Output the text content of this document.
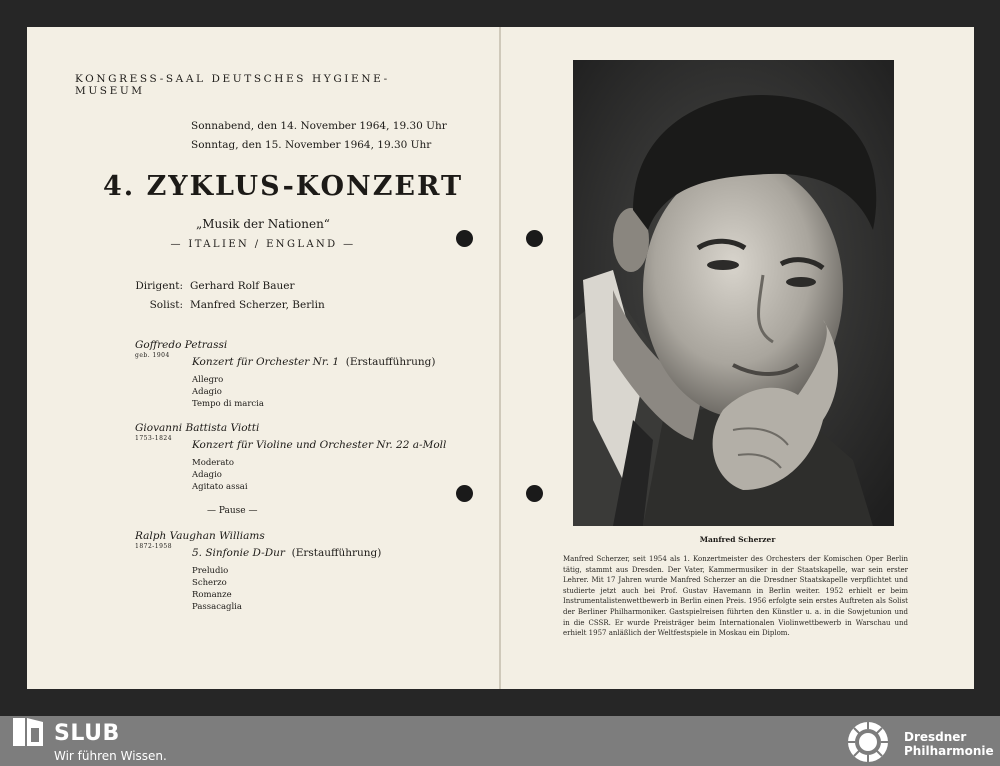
KONGRESS-SAAL DEUTSCHES HYGIENE-MUSEUM
Sonnabend, den 14. November 1964, 19.30 Uhr
Sonntag, den 15. November 1964, 19.30 Uhr
4. ZYKLUS-KONZERT
„Musik der Nationen“
— ITALIEN / ENGLAND —
Dirigent: Gerhard Rolf Bauer
Solist: Manfred Scherzer, Berlin
Goffredo Petrassi
geb. 1904
Konzert für Orchester Nr. 1 (Erstaufführung)
Allegro
Adagio
Tempo di marcia
Giovanni Battista Viotti
1753-1824
Konzert für Violine und Orchester Nr. 22 a-Moll
Moderato
Adagio
Agitato assai
— Pause —
Ralph Vaughan Williams
1872-1958
5. Sinfonie D-Dur (Erstaufführung)
Preludio
Scherzo
Romanze
Passacaglia
Manfred Scherzer
Manfred Scherzer, seit 1954 als 1. Konzertmeister des Orchesters der Komischen Oper Berlin tätig, stammt aus Dresden. Der Vater, Kammermusiker in der Staatskapelle, war sein erster Lehrer. Mit 17 Jahren wurde Manfred Scherzer an die Dresdner Staatskapelle verpflichtet und studierte jetzt auch bei Prof. Gustav Havemann in Berlin weiter. 1952 erhielt er beim Instrumentalistenwettbewerb in Berlin einen Preis. 1956 erfolgte sein erstes Auftreten als Solist der Berliner Philharmoniker. Gastspielreisen führten den Künstler u. a. in die Sowjetunion und in die CSSR. Er wurde Preisträger beim Internationalen Violinwettbewerb in Warschau und erhielt 1957 anläßlich der Weltfestspiele in Moskau ein Diplom.
SLUB
Wir führen Wissen.
Dresdner
Philharmonie
